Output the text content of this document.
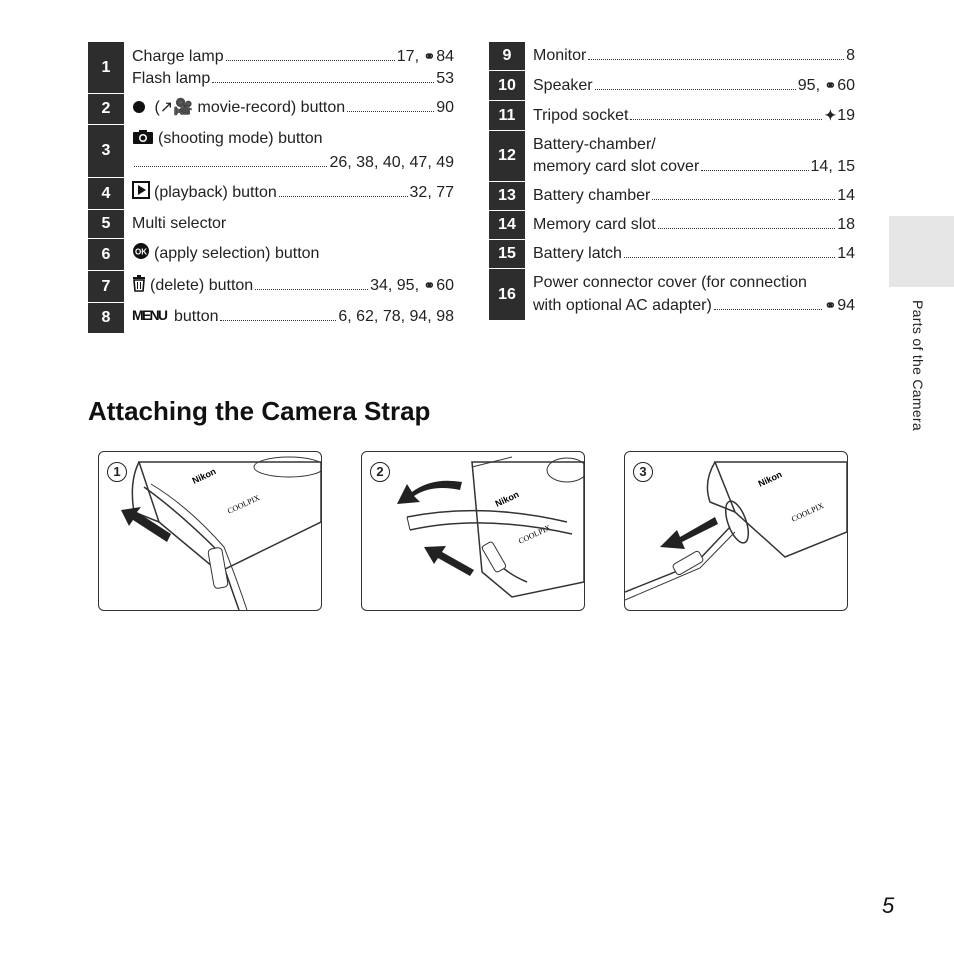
1	Charge lamp 17, ⚭84
Flash lamp 53

2	(↗🎥 movie-record) button 90

3	(shooting mode) button
26, 38, 40, 47, 49

4	(playback) button 32, 77

5	Multi selector

6	OK (apply selection) button

7	(delete) button 34, 95, ⚭60

8	MENU button 6, 62, 78, 94, 98
9	Monitor 8

10	Speaker 95, ⚭60

11	Tripod socket ✦19

12	Battery-chamber/
memory card slot cover 14, 15

13	Battery chamber 14

14	Memory card slot 18

15	Battery latch 14

16	Power connector cover (for connection
with optional AC adapter) ⚭94
Attaching the Camera Strap
1	Nikon
COOLPIX
2
Nikon
COOLPIX
3	Nikon
COOLPIX
Parts of the Camera
5
